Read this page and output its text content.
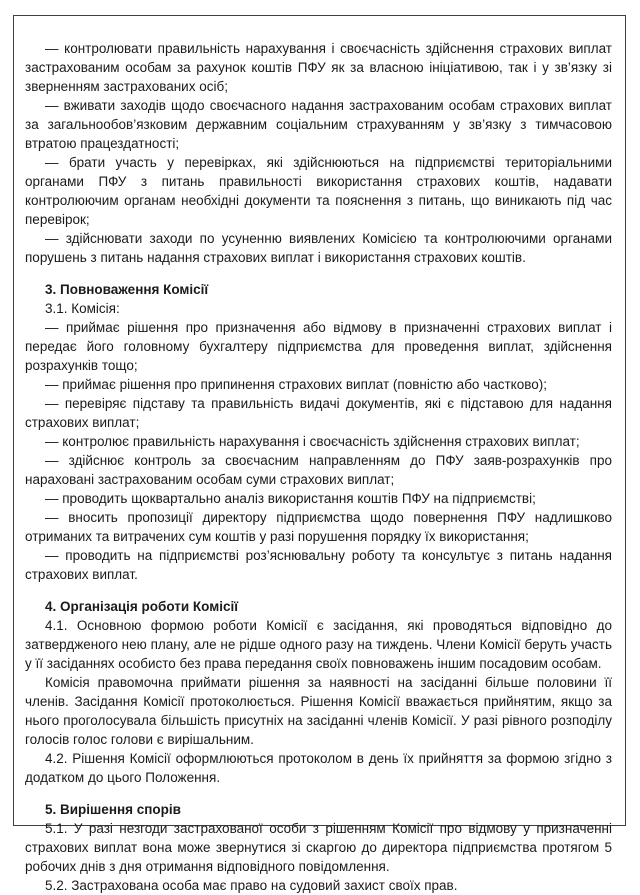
— контролювати правильність нарахування і своєчасність здійснення страхових виплат застрахованим особам за рахунок коштів ПФУ як за власною ініціативою, так і у зв’язку зі зверненням застрахованих осіб;

— вживати заходів щодо своєчасного надання застрахованим особам страхових виплат за загальнообов’язковим державним соціальним страхуванням у зв’язку з тимчасовою втратою працездатності;

— брати участь у перевірках, які здійснюються на підприємстві територіальними органами ПФУ з питань правильності використання страхових коштів, надавати контролюючим органам необхідні документи та пояснення з питань, що виникають під час перевірок;

— здійснювати заходи по усуненню виявлених Комісією та контролюючими органами порушень з питань надання страхових виплат і використання страхових коштів.

3. Повноваження Комісії

3.1. Комісія:

— приймає рішення про призначення або відмову в призначенні страхових виплат і передає його головному бухгалтеру підприємства для проведення виплат, здійснення розрахунків тощо;

— приймає рішення про припинення страхових виплат (повністю або частково);

— перевіряє підставу та правильність видачі документів, які є підставою для надання страхових виплат;

— контролює правильність нарахування і своєчасність здійснення страхових виплат;

— здійснює контроль за своєчасним направленням до ПФУ заяв-розрахунків про нараховані застрахованим особам суми страхових виплат;

— проводить щоквартально аналіз використання коштів ПФУ на підприємстві;

— вносить пропозиції директору підприємства щодо повернення ПФУ надлишково отриманих та витрачених сум коштів у разі порушення порядку їх використання;

— проводить на підприємстві роз’яснювальну роботу та консультує з питань надання страхових виплат.

4. Організація роботи Комісії

4.1. Основною формою роботи Комісії є засідання, які проводяться відповідно до затвердженого нею плану, але не рідше одного разу на тиждень. Члени Комісії беруть участь у її засіданнях особисто без права передання своїх повноважень іншим посадовим особам.

Комісія правомочна приймати рішення за наявності на засіданні більше половини її членів. Засідання Комісії протоколюється. Рішення Комісії вважається прийнятим, якщо за нього проголосувала більшість присутніх на засіданні членів Комісії. У разі рівного розподілу голосів голос голови є вирішальним.

4.2. Рішення Комісії оформлюються протоколом в день їх прийняття за формою згідно з додатком до цього Положення.

5. Вирішення спорів

5.1. У разі незгоди застрахованої особи з рішенням Комісії про відмову у призначенні страхових виплат вона може звернутися зі скаргою до директора підприємства протягом 5 робочих днів з дня отримання відповідного повідомлення.

5.2. Застрахована особа має право на судовий захист своїх прав.
